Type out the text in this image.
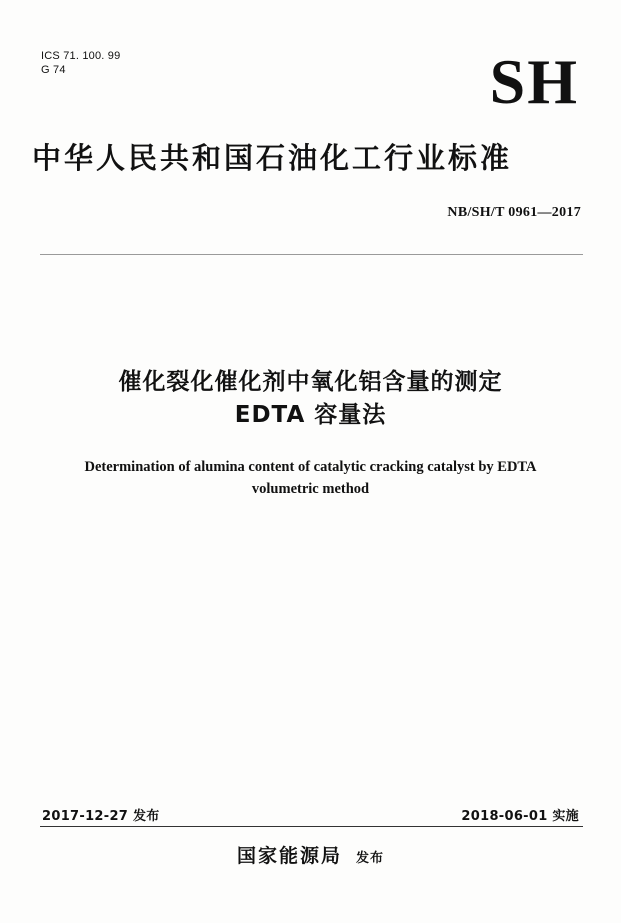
ICS 71. 100. 99
G 74	SH
中华人民共和国石油化工行业标准
NB/SH/T 0961—2017
催化裂化催化剂中氧化铝含量的测定
EDTA 容量法
Determination of alumina content of catalytic cracking catalyst by EDTA
volumetric method
2017-12-27 发布	2018-06-01 实施
国家能源局 发布
